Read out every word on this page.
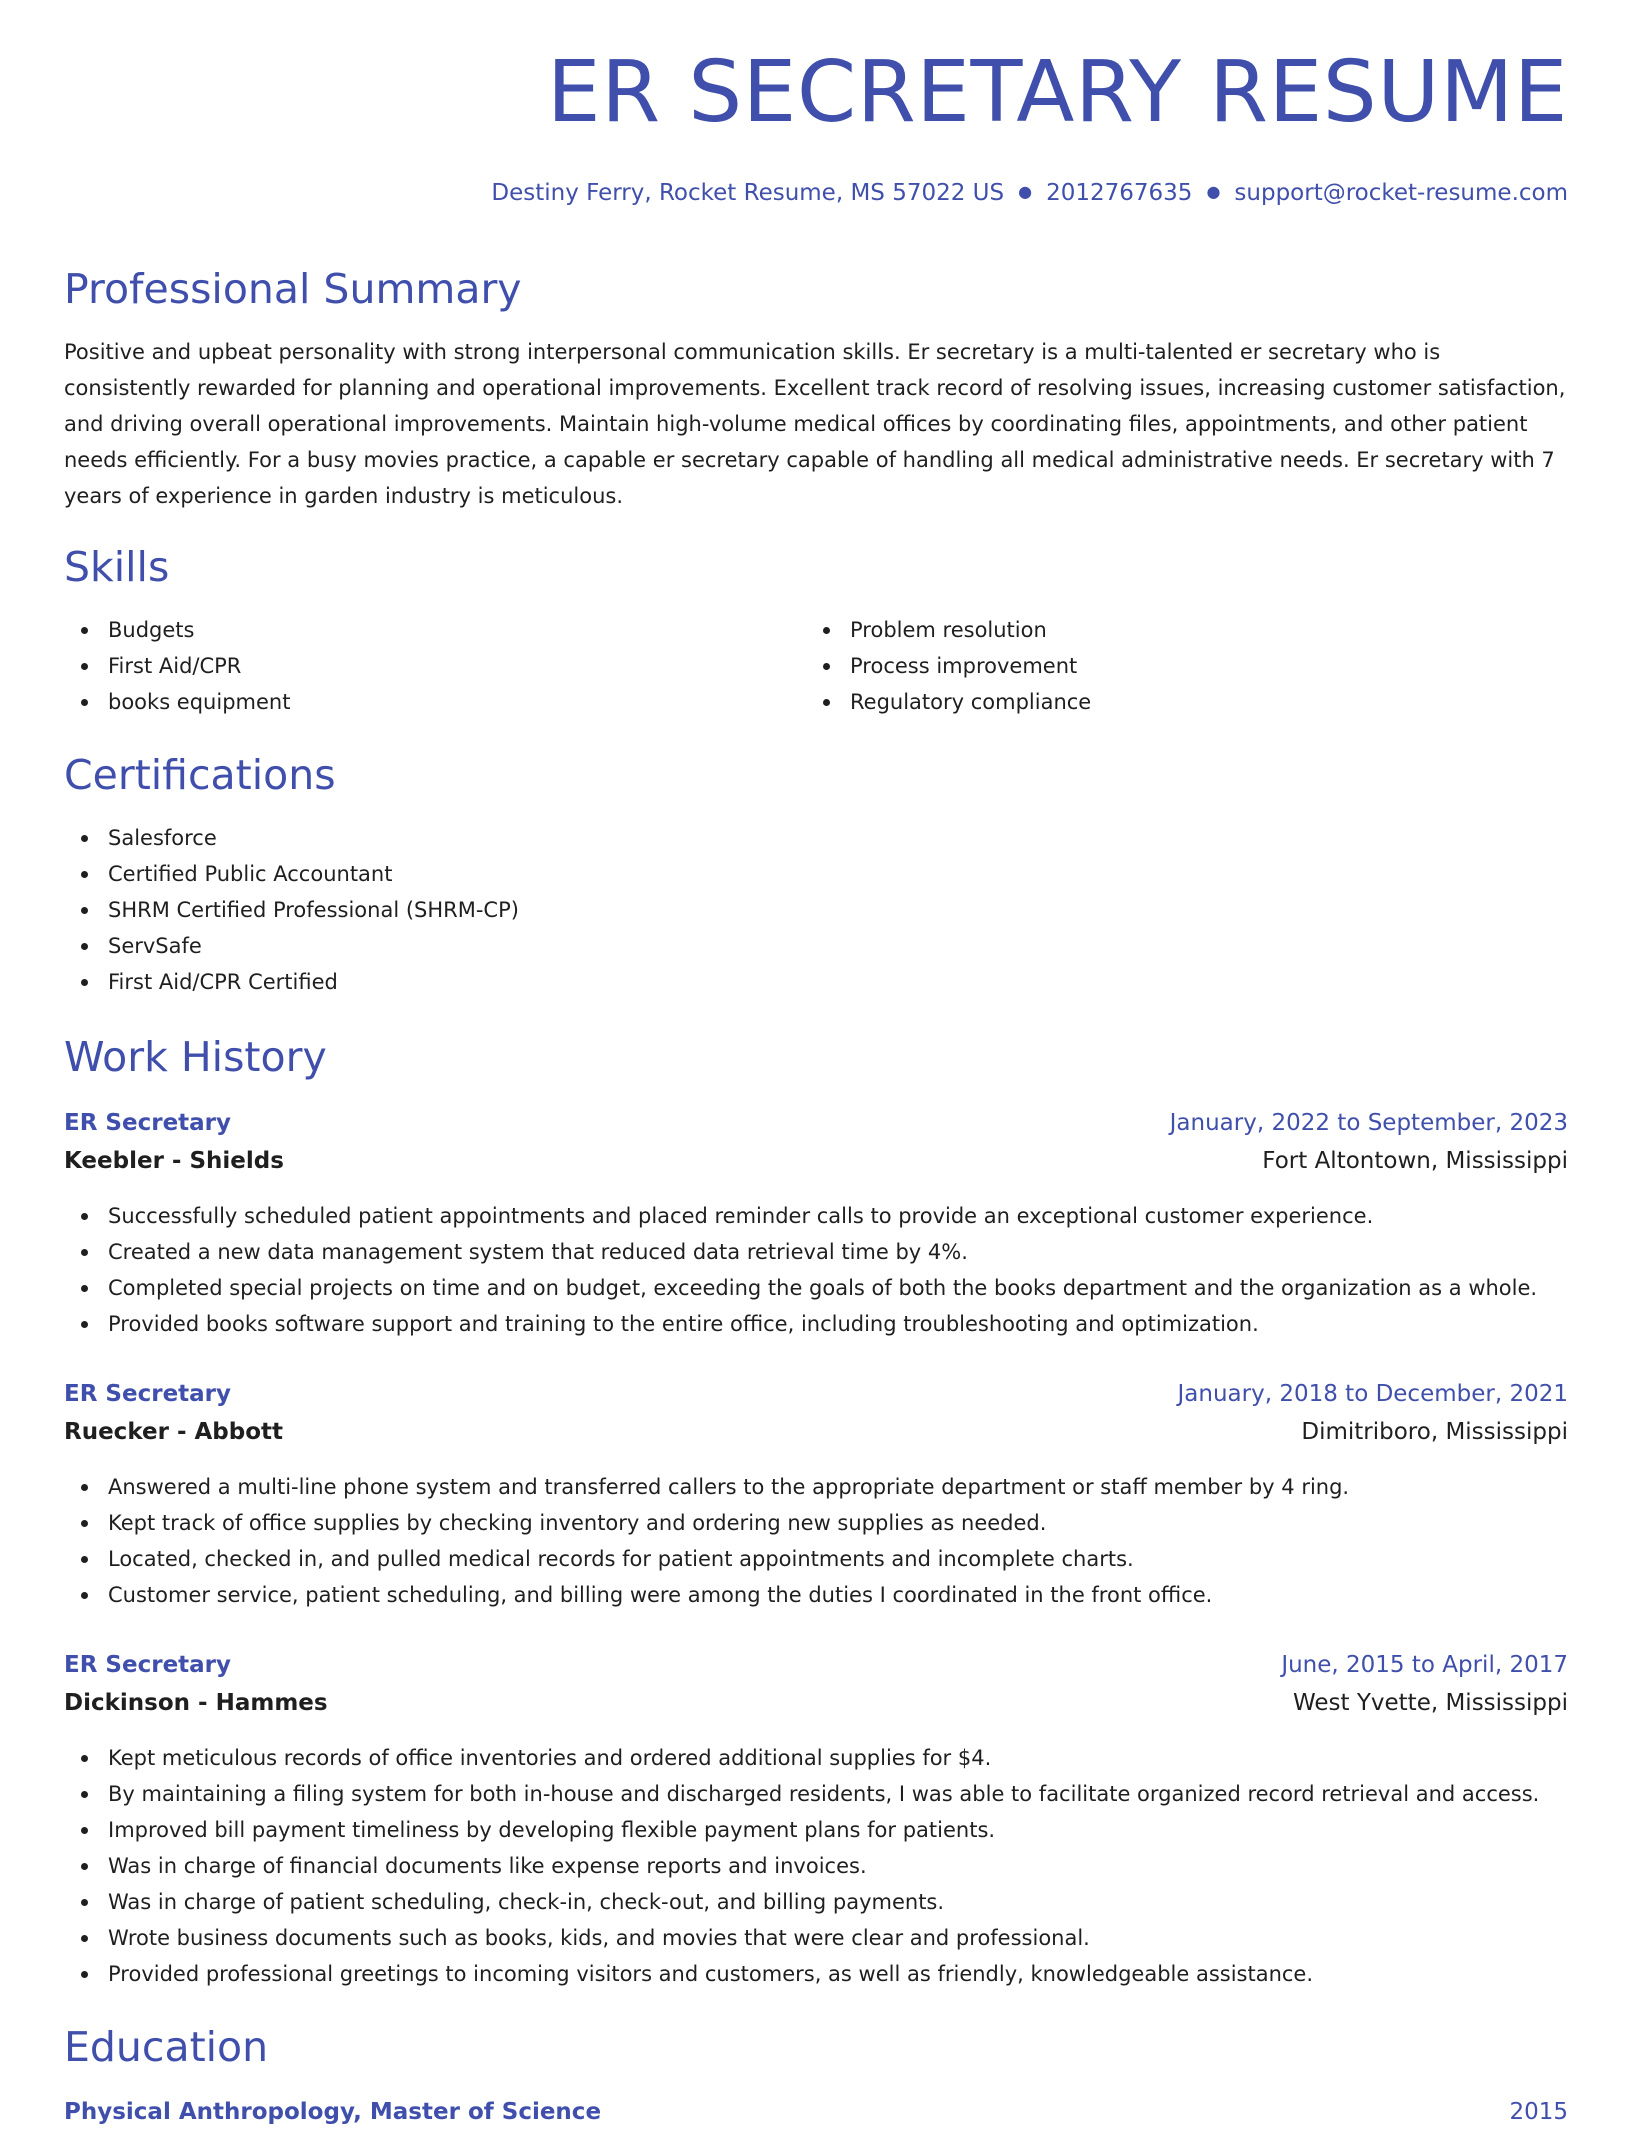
ER SECRETARY RESUME
Destiny Ferry, Rocket Resume, MS 57022 US ● 2012767635 ● support@rocket-resume.com
Professional Summary

Positive and upbeat personality with strong interpersonal communication skills. Er secretary is a multi-talented er secretary who is consistently rewarded for planning and operational improvements. Excellent track record of resolving issues, increasing customer satisfaction, and driving overall operational improvements. Maintain high-volume medical offices by coordinating files, appointments, and other patient needs efficiently. For a busy movies practice, a capable er secretary capable of handling all medical administrative needs. Er secretary with 7 years of experience in garden industry is meticulous.

Skills
Budgets
First Aid/CPR
books equipment
Problem resolution
Process improvement
Regulatory compliance
Certifications
Salesforce
Certified Public Accountant
SHRM Certified Professional (SHRM-CP)
ServSafe
First Aid/CPR Certified
Work History
ER Secretary	January, 2022 to September, 2023
Keebler - Shields	Fort Altontown, Mississippi
Successfully scheduled patient appointments and placed reminder calls to provide an exceptional customer experience.
Created a new data management system that reduced data retrieval time by 4%.
Completed special projects on time and on budget, exceeding the goals of both the books department and the organization as a whole.
Provided books software support and training to the entire office, including troubleshooting and optimization.
ER Secretary	January, 2018 to December, 2021
Ruecker - Abbott	Dimitriboro, Mississippi
Answered a multi-line phone system and transferred callers to the appropriate department or staff member by 4 ring.
Kept track of office supplies by checking inventory and ordering new supplies as needed.
Located, checked in, and pulled medical records for patient appointments and incomplete charts.
Customer service, patient scheduling, and billing were among the duties I coordinated in the front office.
ER Secretary	June, 2015 to April, 2017
Dickinson - Hammes	West Yvette, Mississippi
Kept meticulous records of office inventories and ordered additional supplies for $4.
By maintaining a filing system for both in-house and discharged residents, I was able to facilitate organized record retrieval and access.
Improved bill payment timeliness by developing flexible payment plans for patients.
Was in charge of financial documents like expense reports and invoices.
Was in charge of patient scheduling, check-in, check-out, and billing payments.
Wrote business documents such as books, kids, and movies that were clear and professional.
Provided professional greetings to incoming visitors and customers, as well as friendly, knowledgeable assistance.
Education
Physical Anthropology, Master of Science	2015
